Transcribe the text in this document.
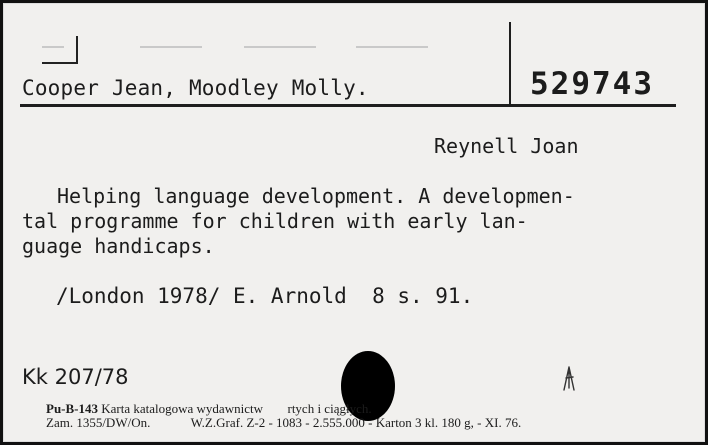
Cooper Jean, Moodley Molly.	529743
Reynell Joan
Helping language development. A developmen-
tal programme for children with early lan-
guage handicaps.
/London 1978/ E. Arnold  8 s. 91.
Kk 207/78
Pu-B-143 Karta katalogowa wydawnictw rtych i ciągłych.
Zam. 1355/DW/On.	W.Z.Graf. Z-2 - 1083 - 2.555.000 - Karton 3 kl. 180 g, - XI. 76.
